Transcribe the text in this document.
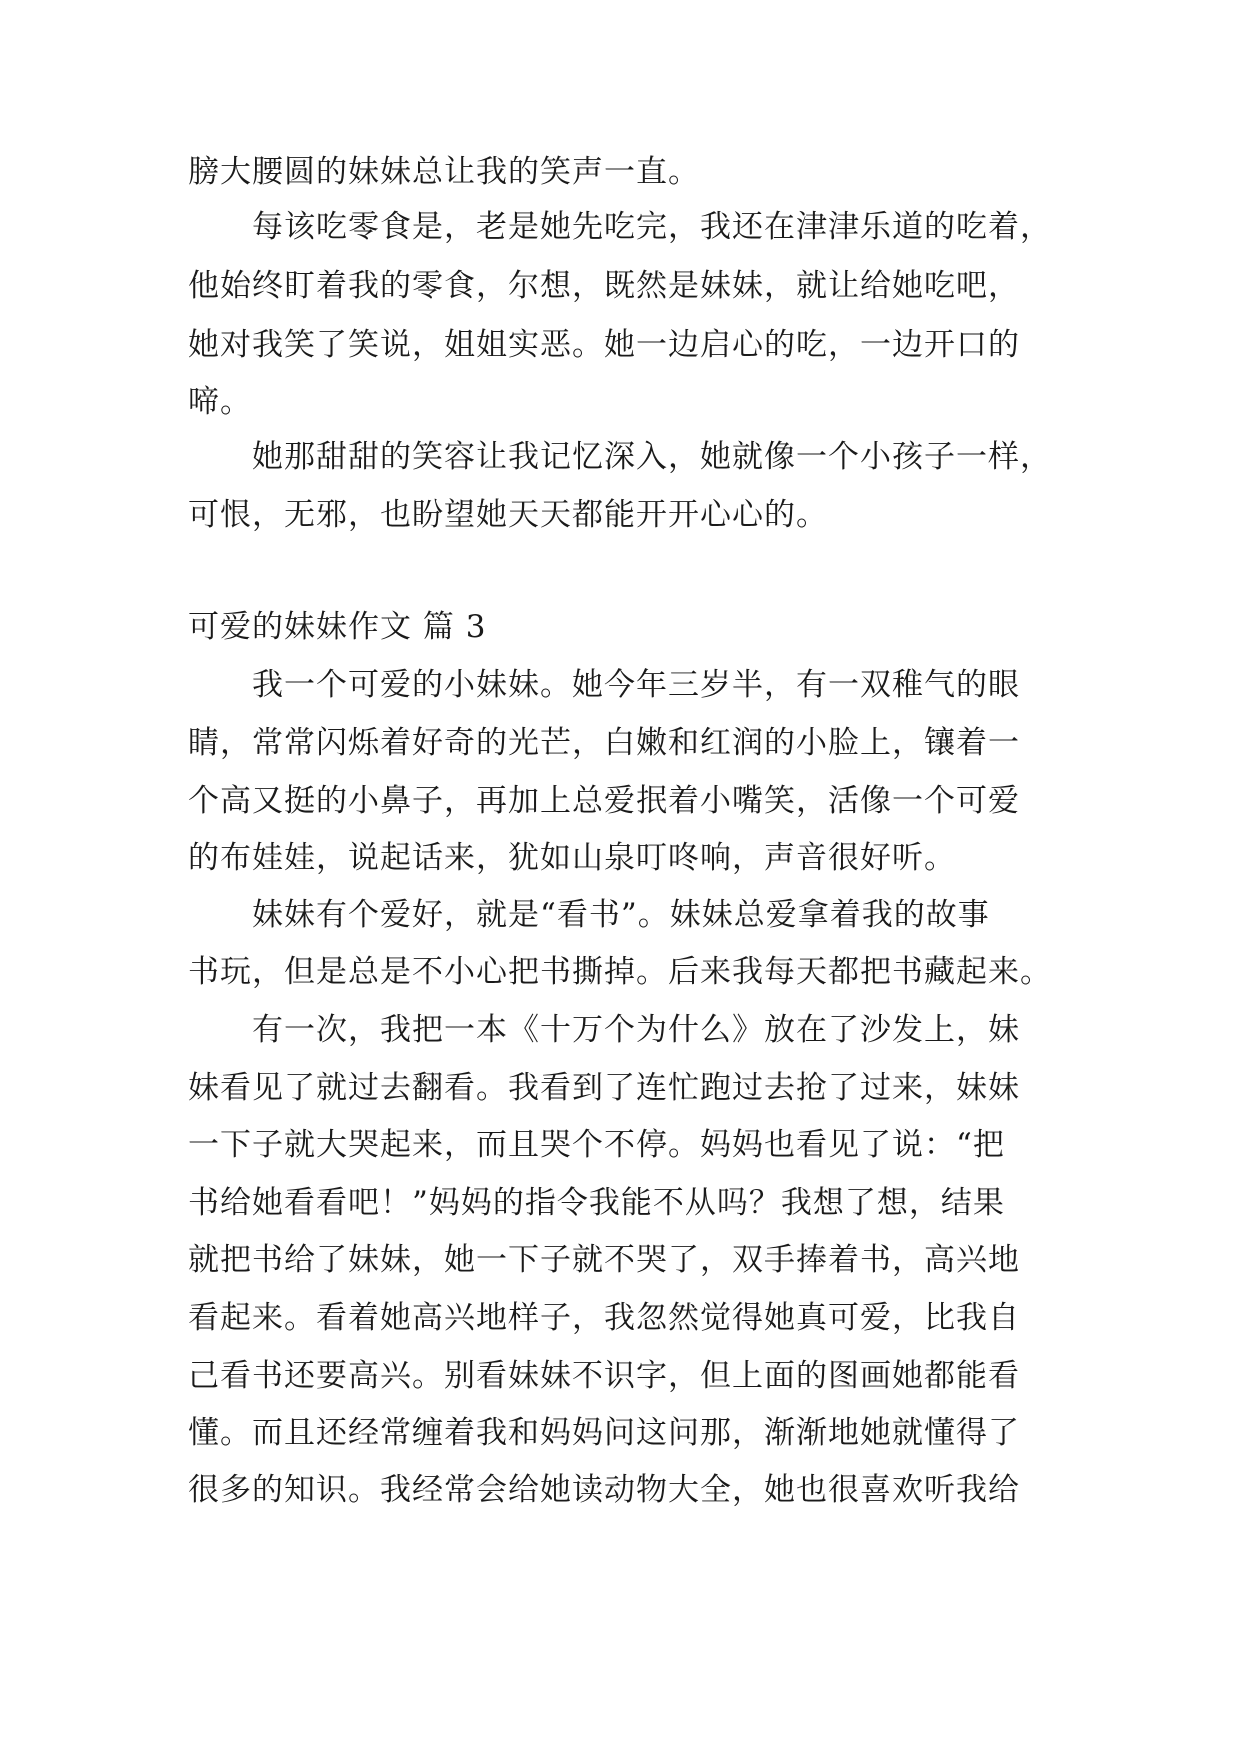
膀大腰圆的妹妹总让我的笑声一直。
每该吃零食是，老是她先吃完，我还在津津乐道的吃着，
他始终盯着我的零食，尔想，既然是妹妹，就让给她吃吧，
她对我笑了笑说，姐姐实恶。她一边启心的吃，一边开口的
啼。
她那甜甜的笑容让我记忆深入，她就像一个小孩子一样，
可恨，无邪，也盼望她天天都能开开心心的。
可爱的妹妹作文 篇 3
我一个可爱的小妹妹。她今年三岁半，有一双稚气的眼
睛，常常闪烁着好奇的光芒，白嫩和红润的小脸上，镶着一
个高又挺的小鼻子，再加上总爱抿着小嘴笑，活像一个可爱
的布娃娃，说起话来，犹如山泉叮咚响，声音很好听。
妹妹有个爱好，就是“看书”。妹妹总爱拿着我的故事
书玩，但是总是不小心把书撕掉。后来我每天都把书藏起来。
有一次，我把一本《十万个为什么》放在了沙发上，妹
妹看见了就过去翻看。我看到了连忙跑过去抢了过来，妹妹
一下子就大哭起来，而且哭个不停。妈妈也看见了说：“把
书给她看看吧！”妈妈的指令我能不从吗？我想了想，结果
就把书给了妹妹，她一下子就不哭了，双手捧着书，高兴地
看起来。看着她高兴地样子，我忽然觉得她真可爱，比我自
己看书还要高兴。别看妹妹不识字，但上面的图画她都能看
懂。而且还经常缠着我和妈妈问这问那，渐渐地她就懂得了
很多的知识。我经常会给她读动物大全，她也很喜欢听我给
